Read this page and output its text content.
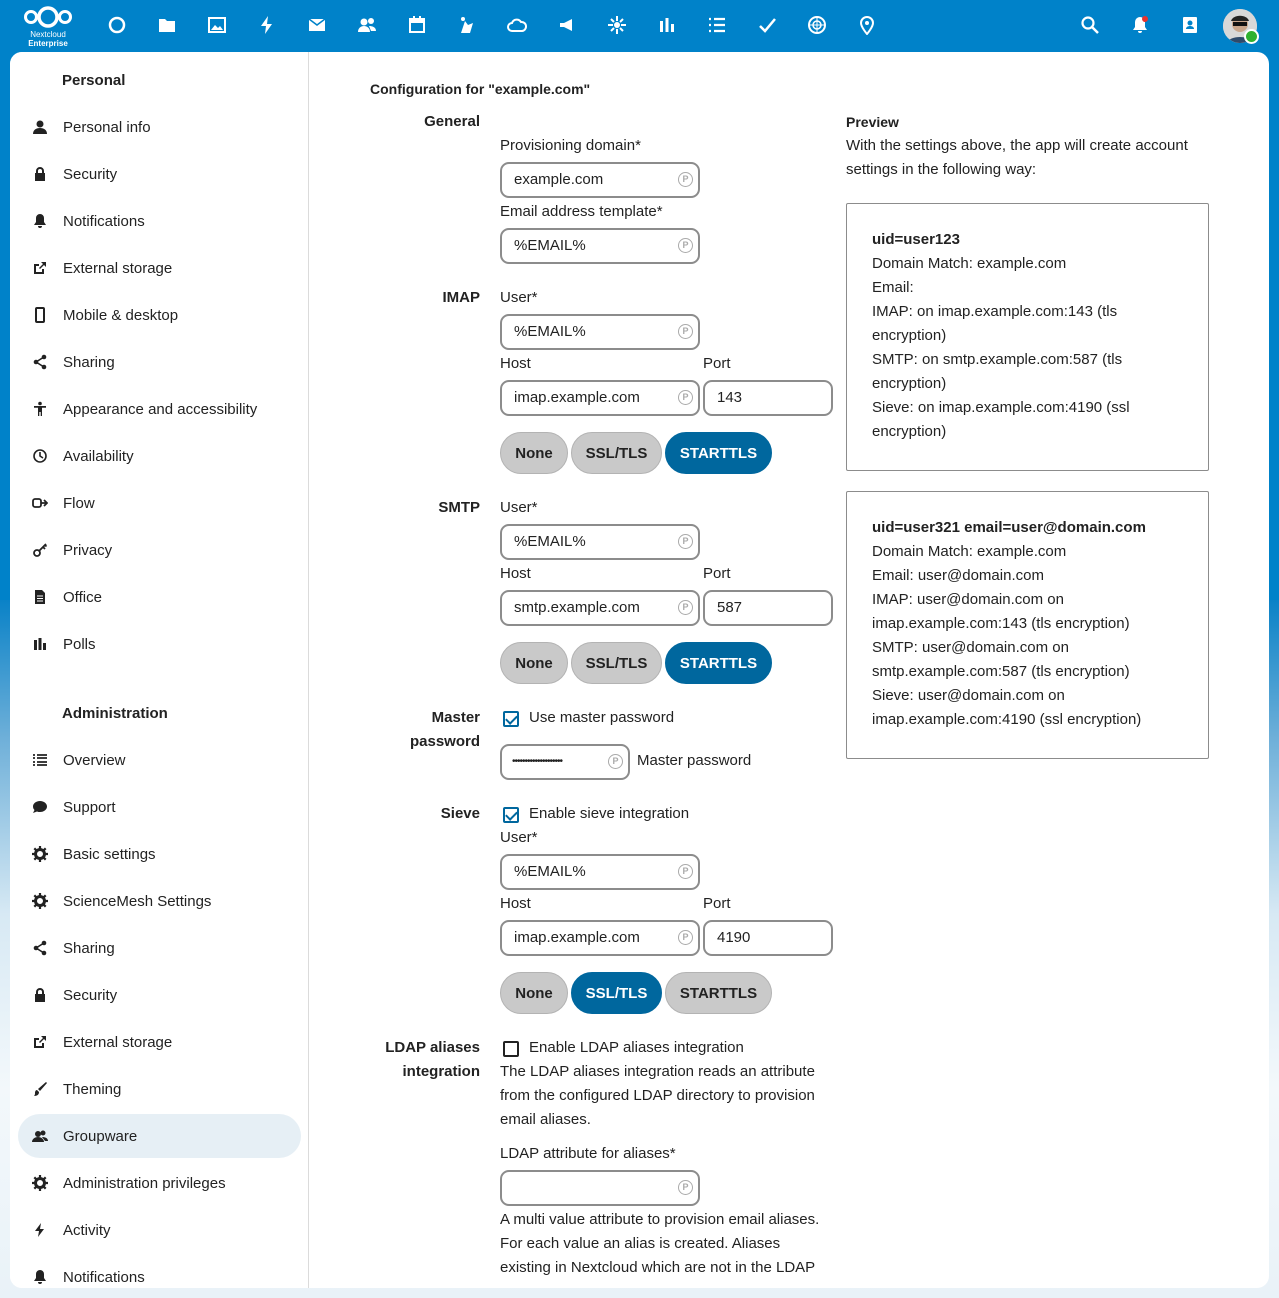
Nextcloud
Enterprise
Personal
Personal info
Security
Notifications
External storage
Mobile & desktop
Sharing
Appearance and accessibility
Availability
Flow
Privacy
Office
Polls
Administration
Overview
Support
Basic settings
ScienceMesh Settings
Sharing
Security
External storage
Theming
Groupware
Administration privileges
Activity
Notifications
Configuration for "example.com"
General
Provisioning domain*
example.com	P
Email address template*
%EMAIL%	P
IMAP User*
%EMAIL%	P
Host	Port
imap.example.com	P	143
None	SSL/TLS	STARTTLS
SMTP User*
%EMAIL%	P
Host	Port
smtp.example.com	P	587
None	SSL/TLS	STARTTLS
Master
password
Use master password
••••••••••••••••••••	P	Master password
Sieve	Enable sieve integration
User*
%EMAIL%	P
Host	Port
imap.example.com	P	4190
None	SSL/TLS	STARTTLS
LDAP aliases
integration
Enable LDAP aliases integration
The LDAP aliases integration reads an attribute
from the configured LDAP directory to provision
email aliases.
LDAP attribute for aliases*
P
A multi value attribute to provision email aliases.
For each value an alias is created. Aliases
existing in Nextcloud which are not in the LDAP
Preview
With the settings above, the app will create account
settings in the following way:
uid=user123
Domain Match: example.com
Email:
IMAP: on imap.example.com:143 (tls
encryption)
SMTP: on smtp.example.com:587 (tls
encryption)
Sieve: on imap.example.com:4190 (ssl
encryption)
uid=user321 email=user@domain.com
Domain Match: example.com
Email: user@domain.com
IMAP: user@domain.com on
imap.example.com:143 (tls encryption)
SMTP: user@domain.com on
smtp.example.com:587 (tls encryption)
Sieve: user@domain.com on
imap.example.com:4190 (ssl encryption)
